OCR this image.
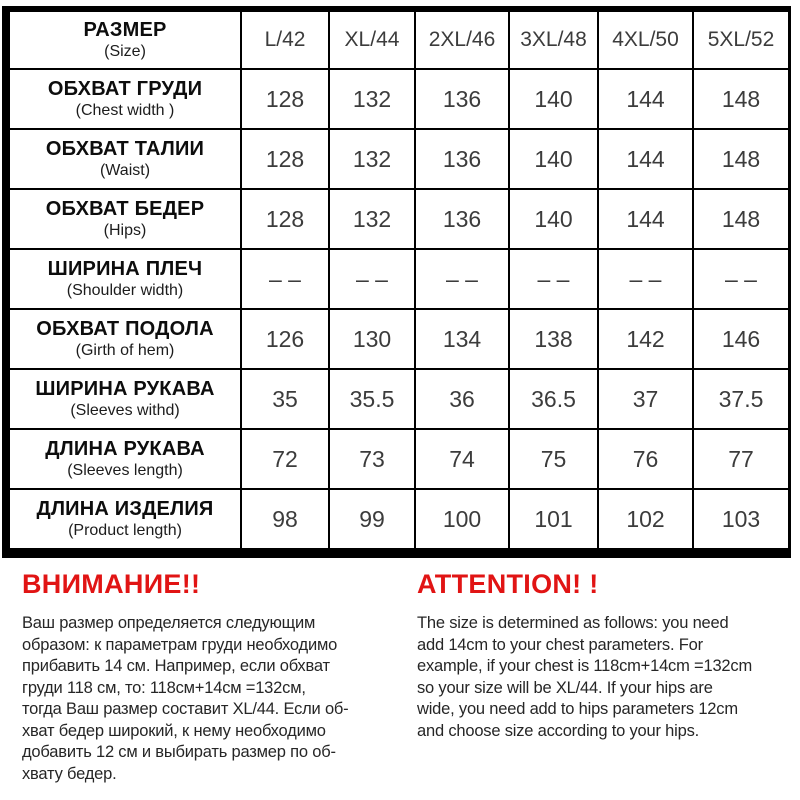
РАЗМЕР
(Size)	L/42	XL/44	2XL/46	3XL/48	4XL/50	5XL/52

ОБХВАТ ГРУДИ
(Chest width )	128	132	136	140	144	148

ОБХВАТ ТАЛИИ
(Waist)	128	132	136	140	144	148

ОБХВАТ БЕДЕР
(Hips)	128	132	136	140	144	148

ШИРИНА ПЛЕЧ
(Shoulder width)	– –	– –	– –	– –	– –	– –

ОБХВАТ ПОДОЛА
(Girth of hem)	126	130	134	138	142	146

ШИРИНА РУКАВА
(Sleeves withd)	35	35.5	36	36.5	37	37.5

ДЛИНА РУКАВА
(Sleeves length)	72	73	74	75	76	77

ДЛИНА ИЗДЕЛИЯ
(Product length)	98	99	100	101	102	103
ВНИМАНИЕ!!
Ваш размер определяется следующим
образом: к параметрам груди необходимо
прибавить 14 см. Например, если обхват
груди 118 см, то: 118см+14см =132см,
тогда Ваш размер составит XL/44. Если об-
хват бедер широкий, к нему необходимо
добавить 12 см и выбирать размер по об-
хвату бедер.
ATTENTION! !
The size is determined as follows: you need
add 14cm to your chest parameters. For
example, if your chest is 118cm+14cm =132cm
so your size will be XL/44. If your hips are
wide, you need add to hips parameters 12cm
and choose size according to your hips.
